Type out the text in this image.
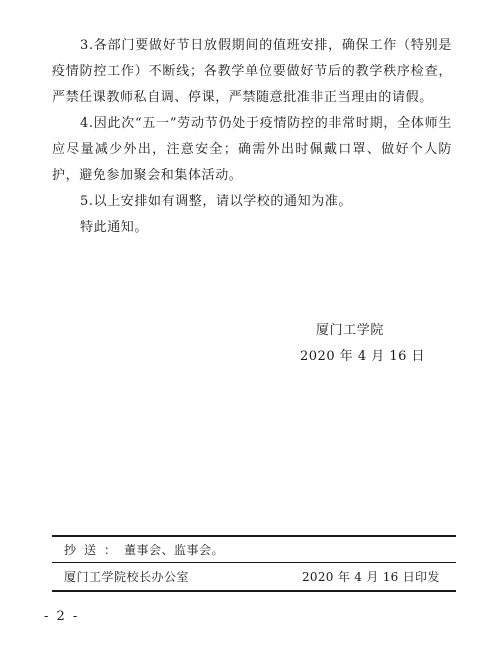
3.各部门要做好节日放假期间的值班安排，确保工作（特别是疫情防控工作）不断线；各教学单位要做好节后的教学秩序检查，严禁任课教师私自调、停课，严禁随意批准非正当理由的请假。

4.因此次“五一”劳动节仍处于疫情防控的非常时期，全体师生应尽量减少外出，注意安全；确需外出时佩戴口罩、做好个人防护，避免参加聚会和集体活动。

5.以上安排如有调整，请以学校的通知为准。

特此通知。

厦门工学院
2020 年 4 月 16 日
抄送：董事会、监事会。
厦门工学院校长办公室	2020 年 4 月 16 日印发
- 2 -
